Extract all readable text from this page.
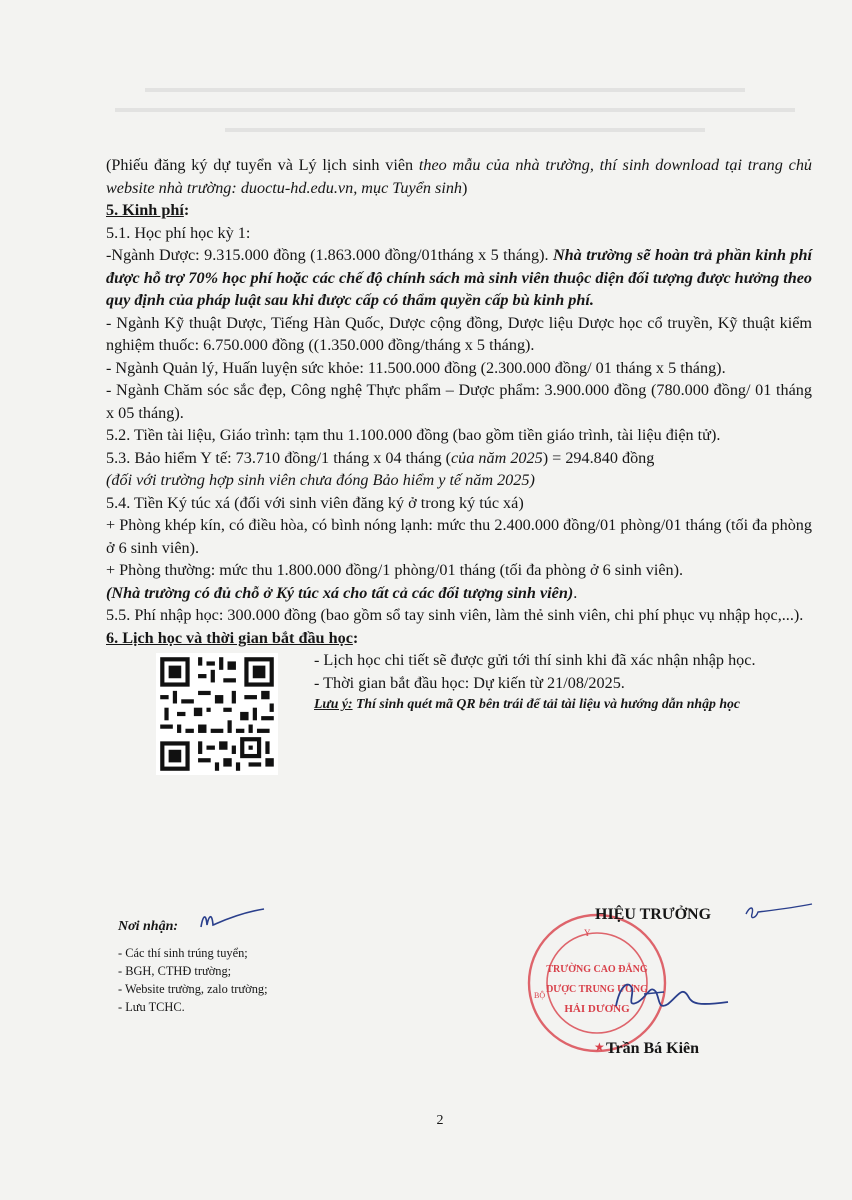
(Phiếu đăng ký dự tuyển và Lý lịch sinh viên theo mẫu của nhà trường, thí sinh download tại trang chủ website nhà trường: duoctu-hd.edu.vn, mục Tuyển sinh)

5. Kinh phí:

5.1. Học phí học kỳ 1:

-Ngành Dược: 9.315.000 đồng (1.863.000 đồng/01tháng x 5 tháng). Nhà trường sẽ hoàn trả phần kinh phí được hỗ trợ 70% học phí hoặc các chế độ chính sách mà sinh viên thuộc diện đối tượng được hưởng theo quy định của pháp luật sau khi được cấp có thẩm quyền cấp bù kinh phí.

- Ngành Kỹ thuật Dược, Tiếng Hàn Quốc, Dược cộng đồng, Dược liệu Dược học cổ truyền, Kỹ thuật kiểm nghiệm thuốc: 6.750.000 đồng ((1.350.000 đồng/tháng x 5 tháng).

- Ngành Quản lý, Huấn luyện sức khỏe: 11.500.000 đồng (2.300.000 đồng/ 01 tháng x 5 tháng).

- Ngành Chăm sóc sắc đẹp, Công nghệ Thực phẩm – Dược phẩm: 3.900.000 đồng (780.000 đồng/ 01 tháng x 05 tháng).

5.2. Tiền tài liệu, Giáo trình: tạm thu 1.100.000 đồng (bao gồm tiền giáo trình, tài liệu điện tử).

5.3. Bảo hiểm Y tế: 73.710 đồng/1 tháng x 04 tháng (của năm 2025) = 294.840 đồng

(đối với trường hợp sinh viên chưa đóng Bảo hiểm y tế năm 2025)

5.4. Tiền Ký túc xá (đối với sinh viên đăng ký ở trong ký túc xá)

+ Phòng khép kín, có điều hòa, có bình nóng lạnh: mức thu 2.400.000 đồng/01 phòng/01 tháng (tối đa phòng ở 6 sinh viên).

+ Phòng thường: mức thu 1.800.000 đồng/1 phòng/01 tháng (tối đa phòng ở 6 sinh viên).

(Nhà trường có đủ chỗ ở Ký túc xá cho tất cả các đối tượng sinh viên).

5.5. Phí nhập học: 300.000 đồng (bao gồm sổ tay sinh viên, làm thẻ sinh viên, chi phí phục vụ nhập học,...).

6. Lịch học và thời gian bắt đầu học:

- Lịch học chi tiết sẽ được gửi tới thí sinh khi đã xác nhận nhập học.

- Thời gian bắt đầu học: Dự kiến từ 21/08/2025.

Lưu ý: Thí sinh quét mã QR bên trái để tải tài liệu và hướng dẫn nhập học

Nơi nhận:
- Các thí sinh trúng tuyển;
- BGH, CTHĐ trường;
- Website trường, zalo trường;
- Lưu TCHC.
Y
BỘ
TRƯỜNG CAO ĐẲNG
DƯỢC TRUNG ƯƠNG
HẢI DƯƠNG
★
HIỆU TRƯỞNG
Trần Bá Kiên
2
